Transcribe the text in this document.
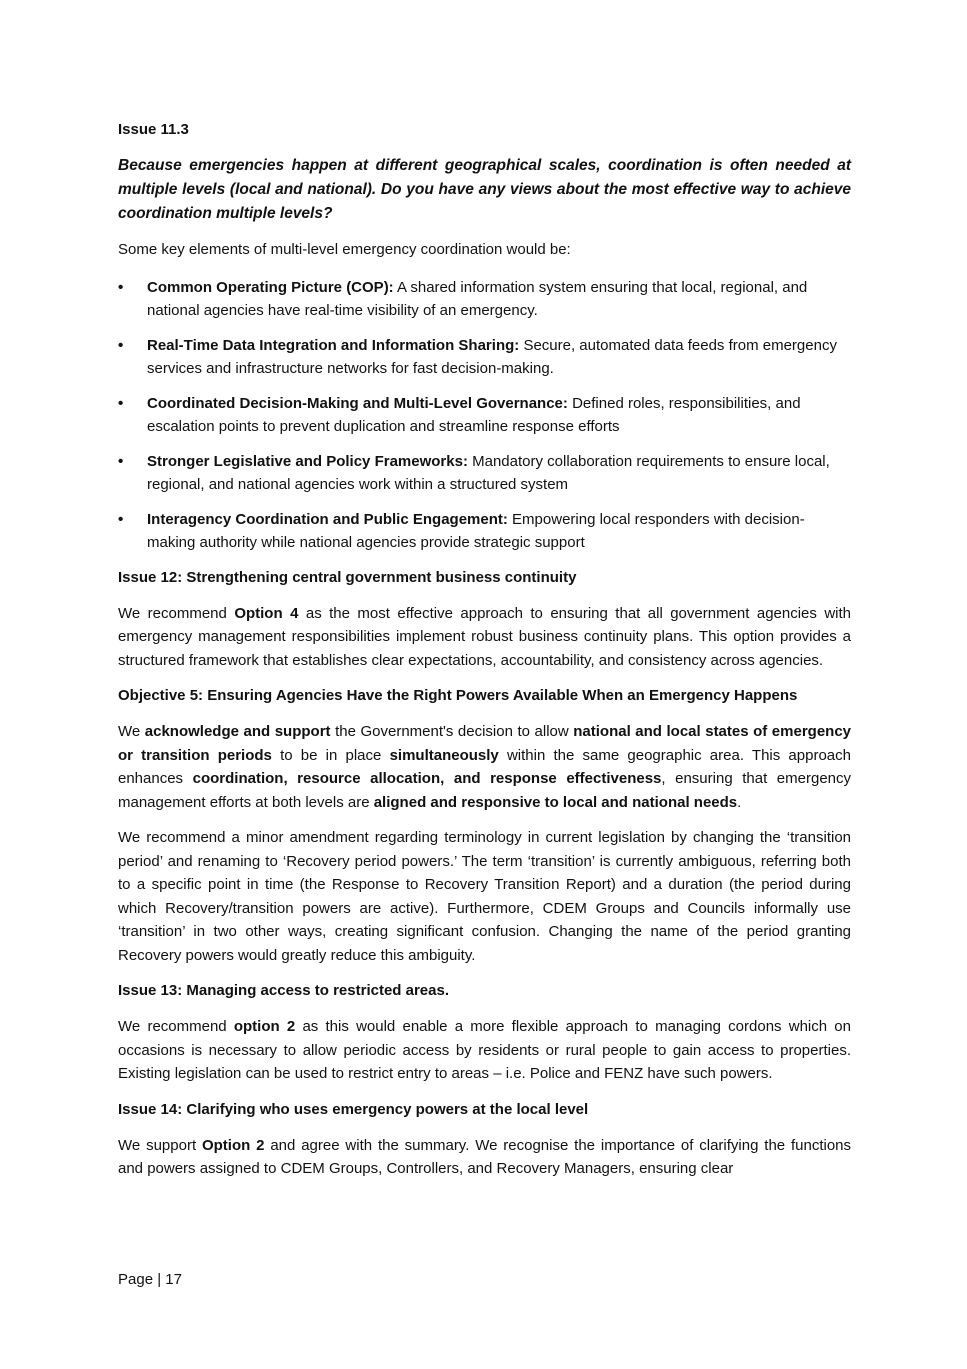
Issue 11.3
Because emergencies happen at different geographical scales, coordination is often needed at multiple levels (local and national). Do you have any views about the most effective way to achieve coordination multiple levels?
Some key elements of multi-level emergency coordination would be:
• Common Operating Picture (COP): A shared information system ensuring that local, regional, and national agencies have real-time visibility of an emergency.
• Real-Time Data Integration and Information Sharing: Secure, automated data feeds from emergency services and infrastructure networks for fast decision-making.
• Coordinated Decision-Making and Multi-Level Governance: Defined roles, responsibilities, and escalation points to prevent duplication and streamline response efforts
• Stronger Legislative and Policy Frameworks: Mandatory collaboration requirements to ensure local, regional, and national agencies work within a structured system
• Interagency Coordination and Public Engagement: Empowering local responders with decision-making authority while national agencies provide strategic support
Issue 12: Strengthening central government business continuity

We recommend Option 4 as the most effective approach to ensuring that all government agencies with emergency management responsibilities implement robust business continuity plans. This option provides a structured framework that establishes clear expectations, accountability, and consistency across agencies.

Objective 5: Ensuring Agencies Have the Right Powers Available When an Emergency Happens

We acknowledge and support the Government's decision to allow national and local states of emergency or transition periods to be in place simultaneously within the same geographic area. This approach enhances coordination, resource allocation, and response effectiveness, ensuring that emergency management efforts at both levels are aligned and responsive to local and national needs.

We recommend a minor amendment regarding terminology in current legislation by changing the ‘transition period’ and renaming to ‘Recovery period powers.’ The term ‘transition’ is currently ambiguous, referring both to a specific point in time (the Response to Recovery Transition Report) and a duration (the period during which Recovery/transition powers are active). Furthermore, CDEM Groups and Councils informally use ‘transition’ in two other ways, creating significant confusion. Changing the name of the period granting Recovery powers would greatly reduce this ambiguity.

Issue 13: Managing access to restricted areas.

We recommend option 2 as this would enable a more flexible approach to managing cordons which on occasions is necessary to allow periodic access by residents or rural people to gain access to properties. Existing legislation can be used to restrict entry to areas – i.e. Police and FENZ have such powers.

Issue 14: Clarifying who uses emergency powers at the local level

We support Option 2 and agree with the summary. We recognise the importance of clarifying the functions and powers assigned to CDEM Groups, Controllers, and Recovery Managers, ensuring clear

Page | 17
